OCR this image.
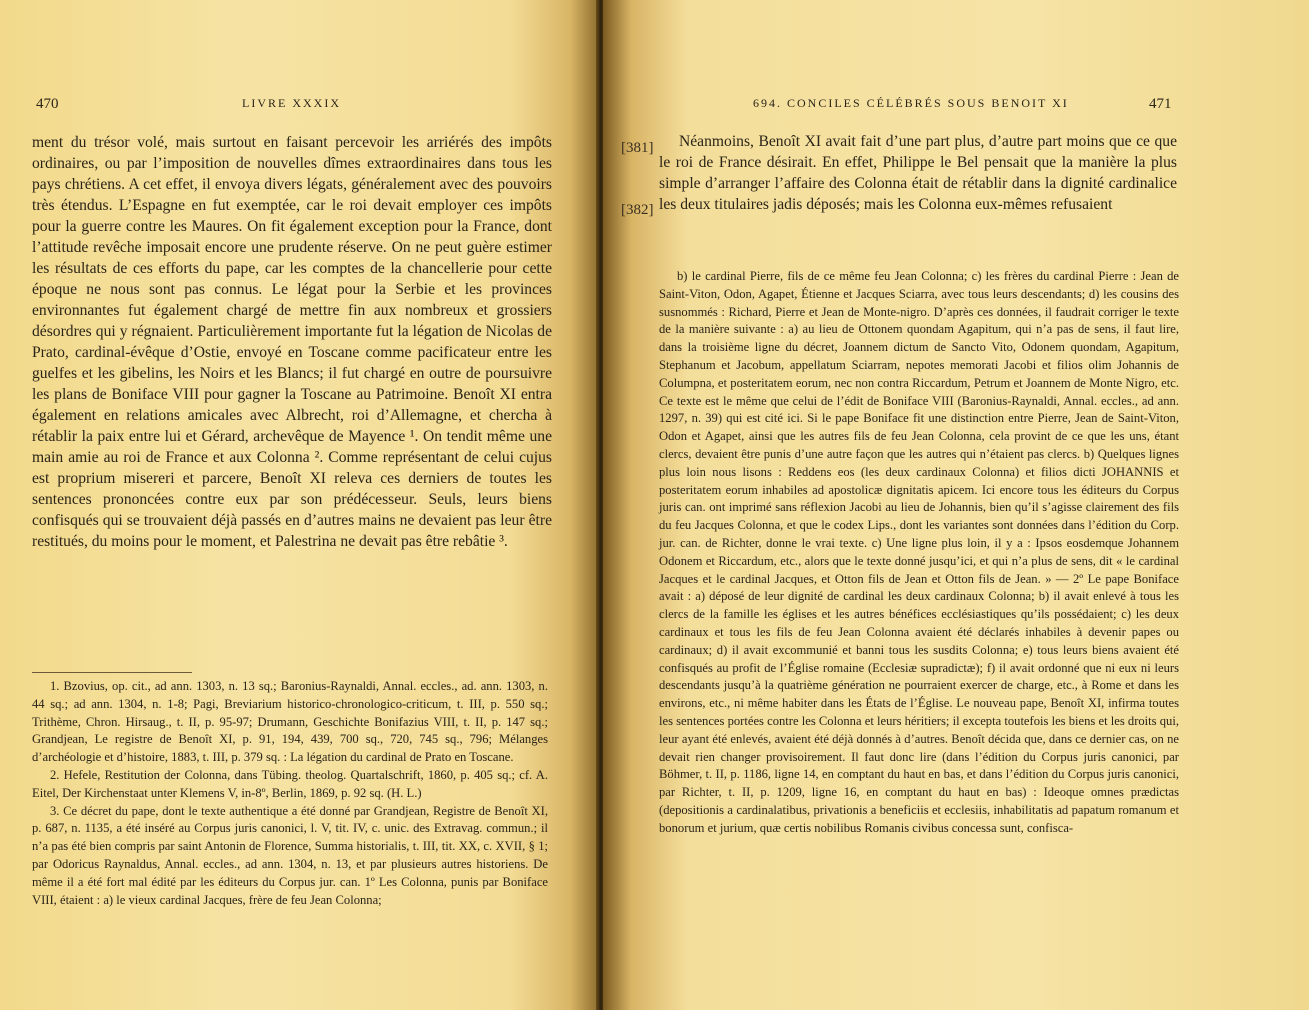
470	LIVRE XXXIX

ment du trésor volé, mais surtout en faisant percevoir les arriérés des impôts ordinaires, ou par l’imposition de nouvelles dîmes extraordinaires dans tous les pays chrétiens. A cet effet, il envoya divers légats, généralement avec des pouvoirs très étendus. L’Espagne en fut exemptée, car le roi devait employer ces impôts pour la guerre contre les Maures. On fit également exception pour la France, dont l’attitude revêche imposait encore une prudente réserve. On ne peut guère estimer les résultats de ces efforts du pape, car les comptes de la chancellerie pour cette époque ne nous sont pas connus. Le légat pour la Serbie et les provinces environnantes fut également chargé de mettre fin aux nombreux et grossiers désordres qui y régnaient. Particulièrement importante fut la légation de Nicolas de Prato, cardinal-évêque d’Ostie, envoyé en Toscane comme pacificateur entre les guelfes et les gibelins, les Noirs et les Blancs; il fut chargé en outre de poursuivre les plans de Boniface VIII pour gagner la Toscane au Patrimoine. Benoît XI entra également en relations amicales avec Albrecht, roi d’Allemagne, et chercha à rétablir la paix entre lui et Gérard, archevêque de Mayence ¹. On tendit même une main amie au roi de France et aux Colonna ². Comme représentant de celui cujus est proprium misereri et parcere, Benoît XI releva ces derniers de toutes les sentences prononcées contre eux par son prédécesseur. Seuls, leurs biens confisqués qui se trouvaient déjà passés en d’autres mains ne devaient pas leur être restitués, du moins pour le moment, et Palestrina ne devait pas être rebâtie ³.

1. Bzovius, op. cit., ad ann. 1303, n. 13 sq.; Baronius-Raynaldi, Annal. eccles., ad. ann. 1303, n. 44 sq.; ad ann. 1304, n. 1-8; Pagi, Breviarium historico-chronologico-criticum, t. III, p. 550 sq.; Trithème, Chron. Hirsaug., t. II, p. 95-97; Drumann, Geschichte Bonifazius VIII, t. II, p. 147 sq.; Grandjean, Le registre de Benoît XI, p. 91, 194, 439, 700 sq., 720, 745 sq., 796; Mélanges d’archéologie et d’histoire, 1883, t. III, p. 379 sq. : La légation du cardinal de Prato en Toscane.

2. Hefele, Restitution der Colonna, dans Tübing. theolog. Quartalschrift, 1860, p. 405 sq.; cf. A. Eitel, Der Kirchenstaat unter Klemens V, in-8º, Berlin, 1869, p. 92 sq. (H. L.)

3. Ce décret du pape, dont le texte authentique a été donné par Grandjean, Registre de Benoît XI, p. 687, n. 1135, a été inséré au Corpus juris canonici, l. V, tit. IV, c. unic. des Extravag. commun.; il n’a pas été bien compris par saint Antonin de Florence, Summa historialis, t. III, tit. XX, c. XVII, § 1; par Odoricus Raynaldus, Annal. eccles., ad ann. 1304, n. 13, et par plusieurs autres historiens. De même il a été fort mal édité par les éditeurs du Corpus jur. can. 1º Les Colonna, punis par Boniface VIII, étaient : a) le vieux cardinal Jacques, frère de feu Jean Colonna;

694. CONCILES CÉLÉBRÉS SOUS BENOIT XI	471
[381]
[382]

Néanmoins, Benoît XI avait fait d’une part plus, d’autre part moins que ce que le roi de France désirait. En effet, Philippe le Bel pensait que la manière la plus simple d’arranger l’affaire des Colonna était de rétablir dans la dignité cardinalice les deux titulaires jadis déposés; mais les Colonna eux-mêmes refusaient

b) le cardinal Pierre, fils de ce même feu Jean Colonna; c) les frères du cardinal Pierre : Jean de Saint-Viton, Odon, Agapet, Étienne et Jacques Sciarra, avec tous leurs descendants; d) les cousins des susnommés : Richard, Pierre et Jean de Monte-nigro. D’après ces données, il faudrait corriger le texte de la manière suivante : a) au lieu de Ottonem quondam Agapitum, qui n’a pas de sens, il faut lire, dans la troisième ligne du décret, Joannem dictum de Sancto Vito, Odonem quondam, Agapitum, Stephanum et Jacobum, appellatum Sciarram, nepotes memorati Jacobi et filios olim Johannis de Columpna, et posteritatem eorum, nec non contra Riccardum, Petrum et Joannem de Monte Nigro, etc. Ce texte est le même que celui de l’édit de Boniface VIII (Baronius-Raynaldi, Annal. eccles., ad ann. 1297, n. 39) qui est cité ici. Si le pape Boniface fit une distinction entre Pierre, Jean de Saint-Viton, Odon et Agapet, ainsi que les autres fils de feu Jean Colonna, cela provint de ce que les uns, étant clercs, devaient être punis d’une autre façon que les autres qui n’étaient pas clercs. b) Quelques lignes plus loin nous lisons : Reddens eos (les deux cardinaux Colonna) et filios dicti JOHANNIS et posteritatem eorum inhabiles ad apostolicæ dignitatis apicem. Ici encore tous les éditeurs du Corpus juris can. ont imprimé sans réflexion Jacobi au lieu de Johannis, bien qu’il s’agisse clairement des fils du feu Jacques Colonna, et que le codex Lips., dont les variantes sont données dans l’édition du Corp. jur. can. de Richter, donne le vrai texte. c) Une ligne plus loin, il y a : Ipsos eosdemque Johannem Odonem et Riccardum, etc., alors que le texte donné jusqu’ici, et qui n’a plus de sens, dit « le cardinal Jacques et le cardinal Jacques, et Otton fils de Jean et Otton fils de Jean. » — 2º Le pape Boniface avait : a) déposé de leur dignité de cardinal les deux cardinaux Colonna; b) il avait enlevé à tous les clercs de la famille les églises et les autres bénéfices ecclésiastiques qu’ils possédaient; c) les deux cardinaux et tous les fils de feu Jean Colonna avaient été déclarés inhabiles à devenir papes ou cardinaux; d) il avait excommunié et banni tous les susdits Colonna; e) tous leurs biens avaient été confisqués au profit de l’Église romaine (Ecclesiæ supradictæ); f) il avait ordonné que ni eux ni leurs descendants jusqu’à la quatrième génération ne pourraient exercer de charge, etc., à Rome et dans les environs, etc., ni même habiter dans les États de l’Église. Le nouveau pape, Benoît XI, infirma toutes les sentences portées contre les Colonna et leurs héritiers; il excepta toutefois les biens et les droits qui, leur ayant été enlevés, avaient été déjà donnés à d’autres. Benoît décida que, dans ce dernier cas, on ne devait rien changer provisoirement. Il faut donc lire (dans l’édition du Corpus juris canonici, par Böhmer, t. II, p. 1186, ligne 14, en comptant du haut en bas, et dans l’édition du Corpus juris canonici, par Richter, t. II, p. 1209, ligne 16, en comptant du haut en bas) : Ideoque omnes prædictas (depositionis a cardinalatibus, privationis a beneficiis et ecclesiis, inhabilitatis ad papatum romanum et bonorum et jurium, quæ certis nobilibus Romanis civibus concessa sunt, confisca-
